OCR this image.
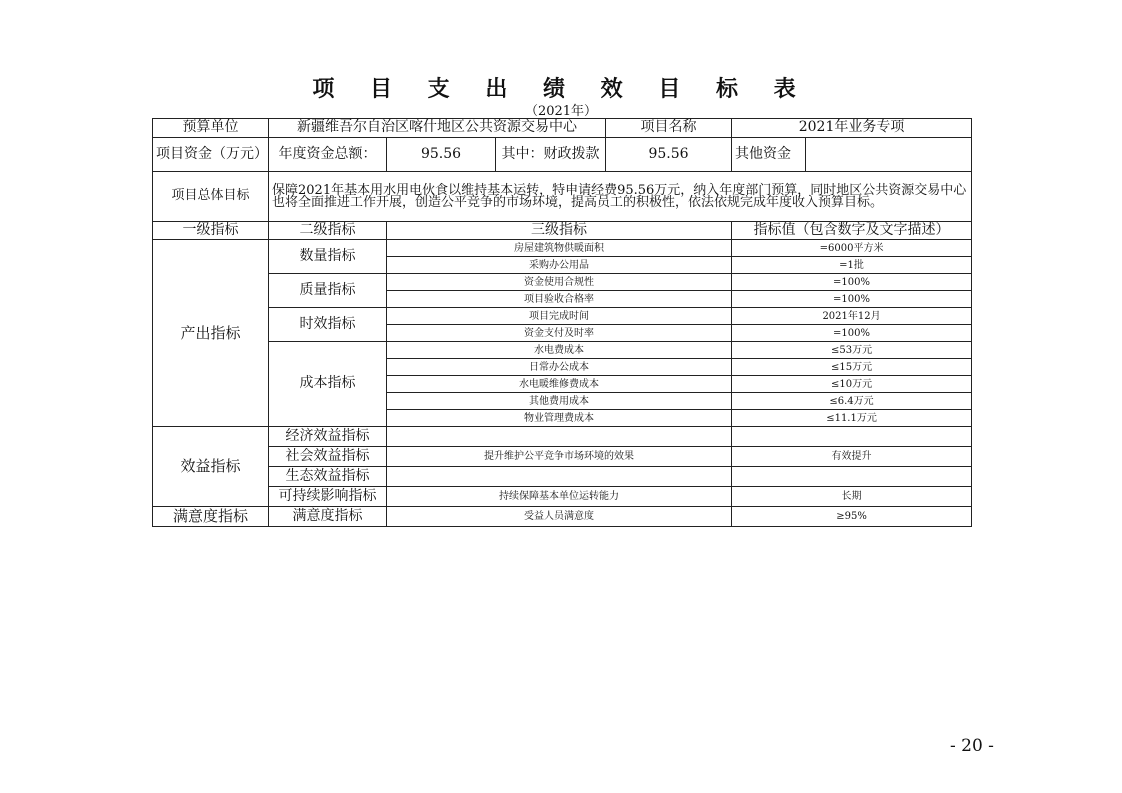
项 目 支 出 绩 效 目 标 表
（2021年）
预算单位	新疆维吾尔自治区喀什地区公共资源交易中心			项目名称	2021年业务专项	
项目资金（万元）	年度资金总额：	95.56	其中：财政拨款	95.56	其他资金	
项目总体目标	保障2021年基本用水用电伙食以维持基本运转，特申请经费95.56万元，纳入年度部门预算，同时地区公共资源交易中心也将全面推进工作开展，创造公平竞争的市场环境，提高员工的积极性，依法依规完成年度收入预算目标。					
一级指标	二级指标	三级指标			指标值（包含数字及文字描述）	
产出指标	数量指标	房屋建筑物供暖面积			=6000平方米	
		采购办公用品			=1批	
	质量指标	资金使用合规性			=100%	
		项目验收合格率			=100%	
	时效指标	项目完成时间			2021年12月	
		资金支付及时率			=100%	
	成本指标	水电费成本			≤53万元	
		日常办公成本			≤15万元	
		水电暖维修费成本			≤10万元	
		其他费用成本			≤6.4万元	
		物业管理费成本			≤11.1万元	
效益指标	经济效益指标					
	社会效益指标	提升维护公平竞争市场环境的效果			有效提升	
	生态效益指标					
	可持续影响指标	持续保障基本单位运转能力			长期	
满意度指标	满意度指标	受益人员满意度			≥95%	
- 20 -
